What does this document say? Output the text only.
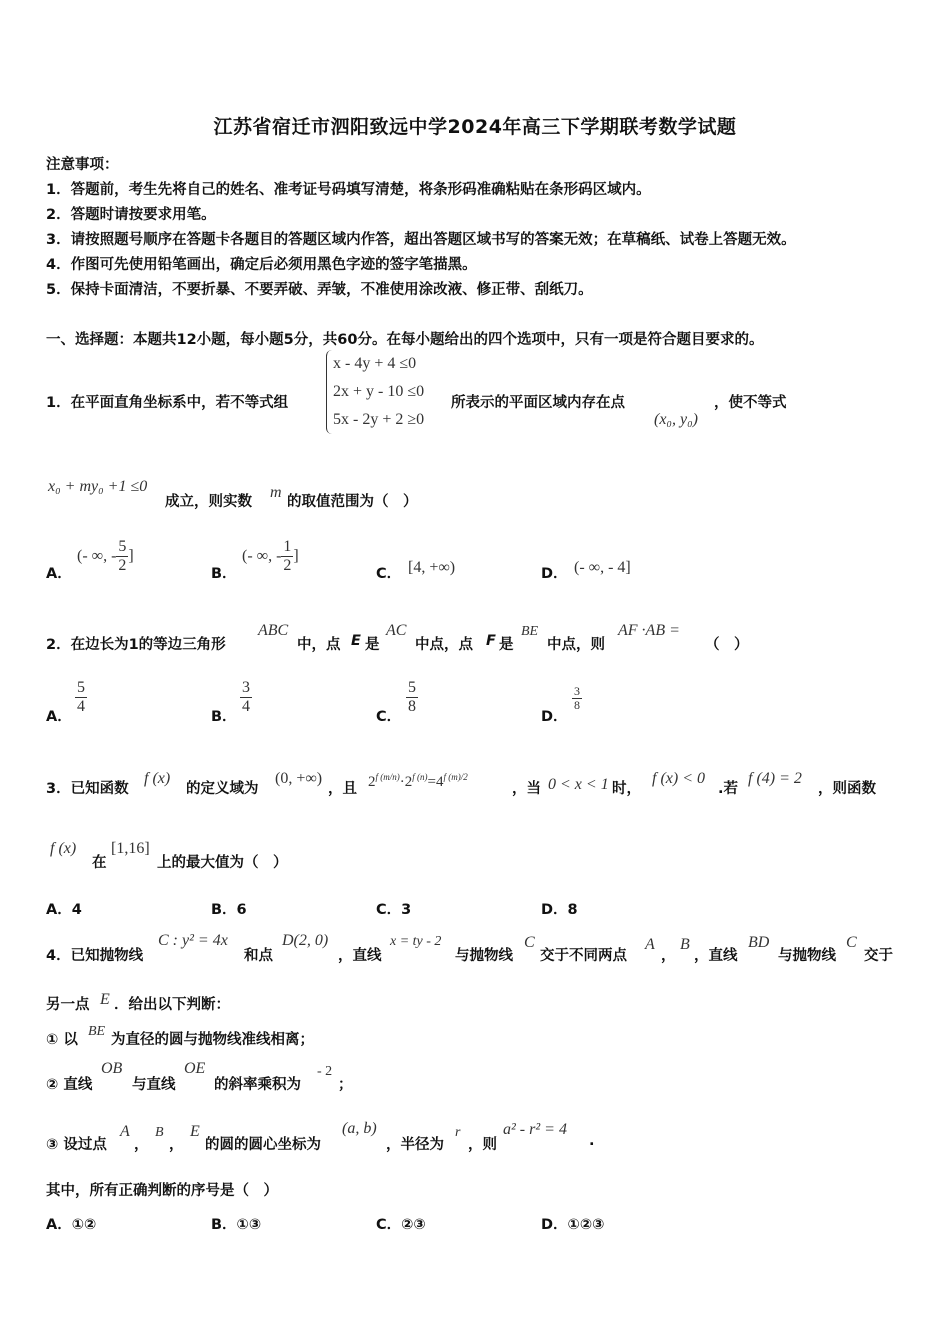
江苏省宿迁市泗阳致远中学2024年高三下学期联考数学试题
注意事项：
1．答题前，考生先将自己的姓名、准考证号码填写清楚，将条形码准确粘贴在条形码区域内。
2．答题时请按要求用笔。
3．请按照题号顺序在答题卡各题目的答题区域内作答，超出答题区域书写的答案无效；在草稿纸、试卷上答题无效。
4．作图可先使用铅笔画出，确定后必须用黑色字迹的签字笔描黑。
5．保持卡面清洁，不要折暴、不要弄破、弄皱，不准使用涂改液、修正带、刮纸刀。
一、选择题：本题共12小题，每小题5分，共60分。在每小题给出的四个选项中，只有一项是符合题目要求的。
1．在平面直角坐标系中，若不等式组
x - 4y + 4 ≤0
2x + y - 10 ≤0
5x - 2y + 2 ≥0
所表示的平面区域内存在点
(x₀, y₀)
，使不等式
x₀ + my₀ +1 ≤0
成立，则实数
m
的取值范围为（　）
A．
(- ∞, - $\frac{5}{2}$ ]
B．
(- ∞, - $\frac{1}{2}$ ]
C． [4, +∞)	D． (- ∞, - 4]
2．在边长为1的等边三角形
ABC
中，点 E 是
AC
中点，点 F 是
BE
中点，则
AF ·AB =
（　）
A．
$\frac{5}{4}$
B．
$\frac{3}{4}$
C．
$\frac{5}{8}$
D．
$\frac{3}{8}$
3．已知函数
f (x)
的定义域为
(0, +∞)
，且 $2^{f (m/n)}\cdot 2^{f (n)}=4^{f (m)/2}$
，当 0 < x < 1 时，
f (x) < 0
.若
f (4) = 2
，则函数
f (x)
在
[1,16]
上的最大值为（　）
A．4	B．6	C．3	D．8
4．已知抛物线
C : y² = 4x
和点
D(2, 0)
，直线
x = ty - 2
与抛物线
C
交于不同两点
A
，
B
，直线
BD
与抛物线
C
交于
另一点 E ．给出以下判断：
① 以
BE
为直径的圆与抛物线准线相离；
② 直线
OB
与直线
OE
的斜率乘积为
- 2
；
③ 设过点
A
，
B
，
E
的圆的圆心坐标为
(a, b)
，半径为
r
，则
a² - r² = 4
.
其中，所有正确判断的序号是（　）
A．①②	B．①③	C．②③	D．①②③
